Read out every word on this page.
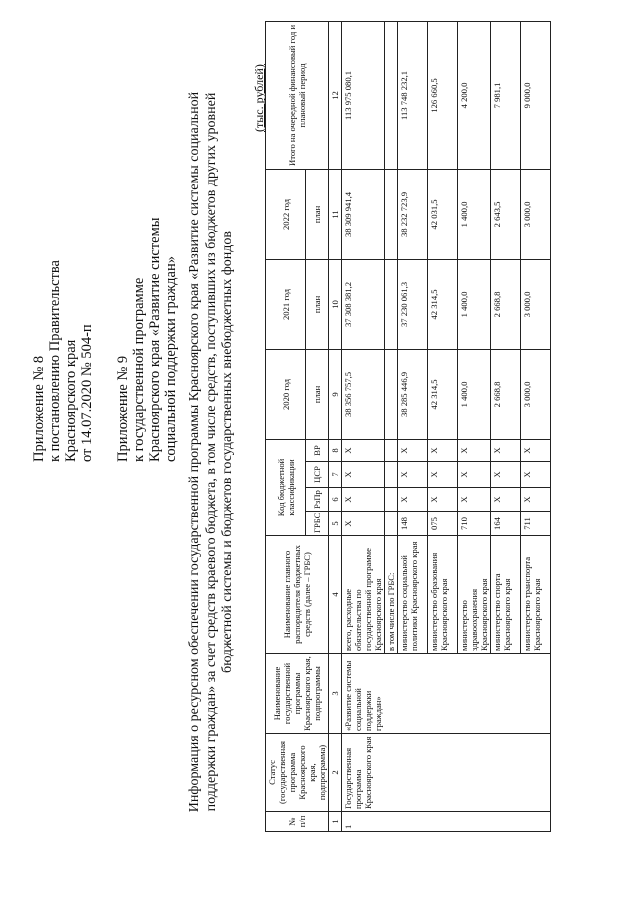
Приложение № 8 к постановлению Правительства Красноярского края от 14.07.2020 № 504-п Приложение № 9 к государственной программе Красноярского края «Развитие системы социальной поддержки граждан» Информация о ресурсном обеспечении государственной программы Красноярского края «Развитие системы социальной поддержки граждан» за счет средств краевого бюджета, в том числе средств, поступивших из бюджетов других уровней бюджетной системы и бюджетов государственных внебюджетных фондов
(тыс. рублей)
№ п/п	Статус (государственная программа Красноярского края, подпрограмма)	Наименование государственной программы Красноярского края, подпрограммы	Наименование главного распорядителя бюджетных средств (далее – ГРБС)	Код бюджетной классификации				2020 год	2021 год	2022 год	Итого на очередной финансовый год и плановый период
				ГРБС	РзПр	ЦСР	ВР	план	план	план	
1	2	3	4	5	6	7	8	9	10	11	12
1	Государственная программа Красноярского края	«Развитие системы социальной поддержки граждан»	всего, расходные обязательства по государственной программе Красноярского края	Х	Х	Х	Х	38 356 757,5	37 308 381,2	38 309 941,4	113 975 080,1
			в том числе по ГРБС:								
			министерство социальной политики Красноярского края	148	Х	Х	Х	38 285 446,9	37 230 061,3	38 232 723,9	113 748 232,1
			министерство образования Красноярского края	075	Х	Х	Х	42 314,5	42 314,5	42 031,5	126 660,5
			министерство здравоохранения Красноярского края	710	Х	Х	Х	1 400,0	1 400,0	1 400,0	4 200,0
			министерство спорта Красноярского края	164	Х	Х	Х	2 668,8	2 668,8	2 643,5	7 981,1
			министерство транспорта Красноярского края	711	Х	Х	Х	3 000,0	3 000,0	3 000,0	9 000,0
